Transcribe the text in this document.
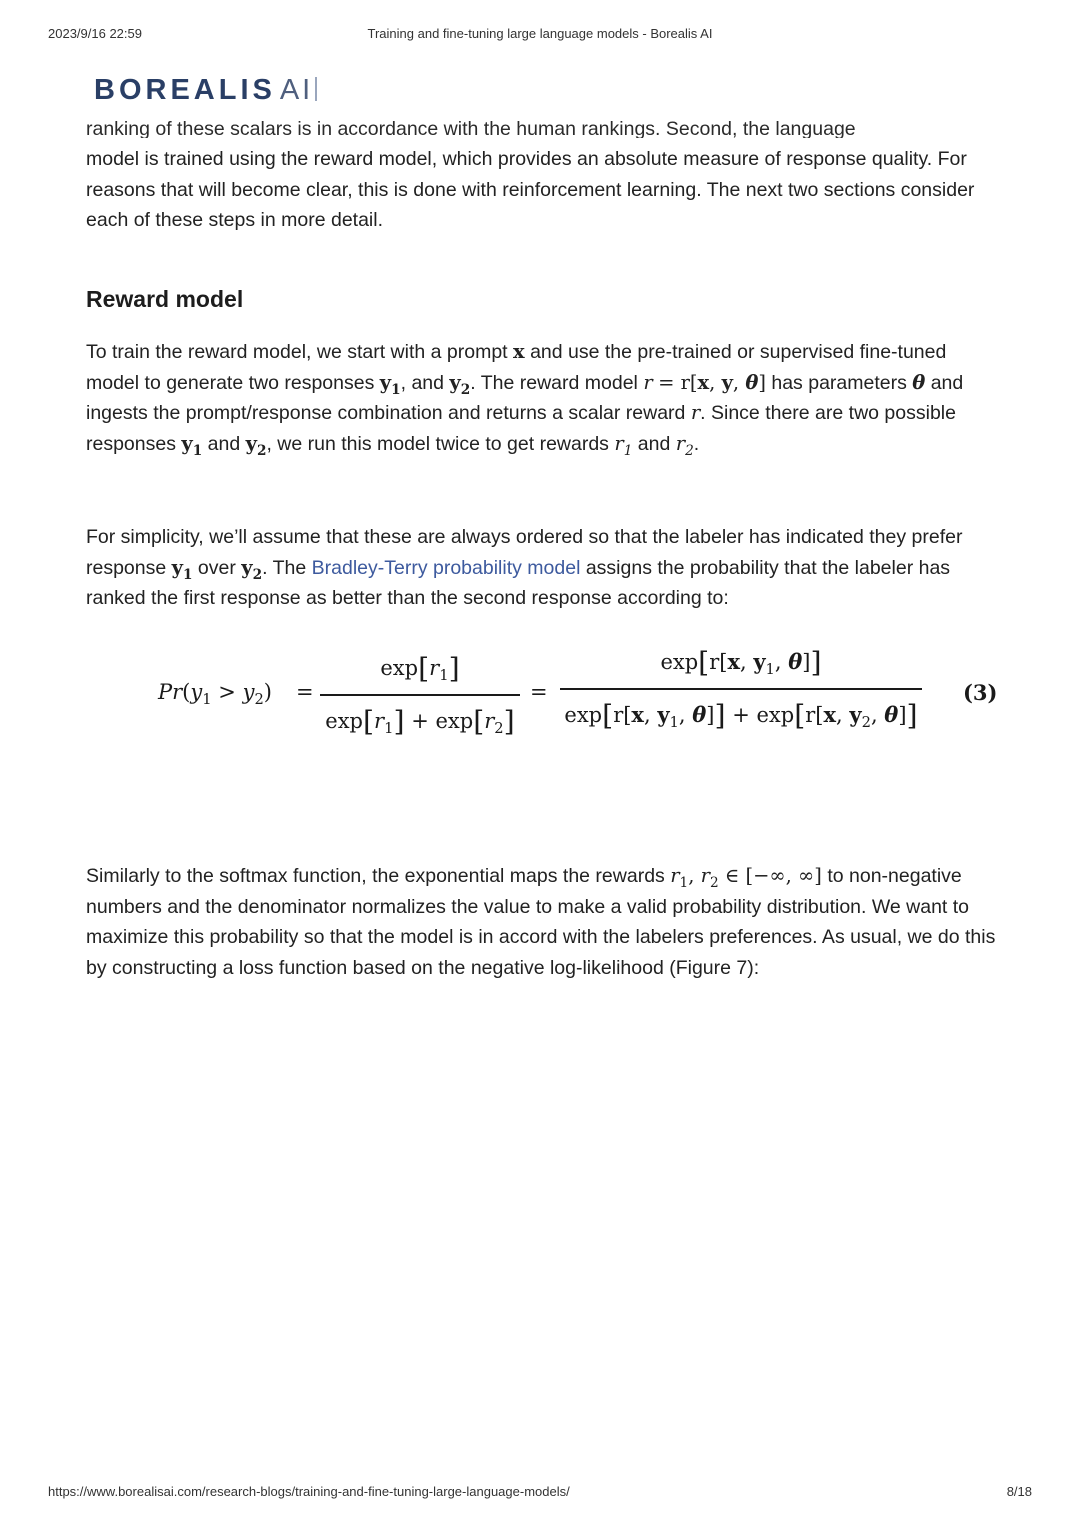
2023/9/16 22:59	Training and fine-tuning large language models - Borealis AI
BOREALIS AI
ranking of these scalars is in accordance with the human rankings. Second, the language

model is trained using the reward model, which provides an absolute measure of response quality. For reasons that will become clear, this is done with reinforcement learning. The next two sections consider each of these steps in more detail.

Reward model

To train the reward model, we start with a prompt x and use the pre-trained or supervised fine-tuned model to generate two responses $y_1$, and $y_2$. The reward model r = r[x, y, θ] has parameters θ and ingests the prompt/response combination and returns a scalar reward r. Since there are two possible responses $y_1$ and $y_2$, we run this model twice to get rewards $r_1$ and $r_2$.

For simplicity, we’ll assume that these are always ordered so that the labeler has indicated they prefer response $y_1$ over $y_2$. The Bradley-Terry probability model assigns the probability that the labeler has ranked the first response as better than the second response according to:

$Pr(y_1 > y_2)$ =
$\exp[r_1]$
$\exp[r_1] + \exp[r_2]$
=
exp[r[x, $y_1$, θ]]
exp[r[x, $y_1$, θ]] + exp[r[x, $y_2$, θ]]
(3)

Similarly to the softmax function, the exponential maps the rewards $r_1$, $r_2$ ∈ [−∞, ∞] to non-negative numbers and the denominator normalizes the value to make a valid probability distribution. We want to maximize this probability so that the model is in accord with the labelers preferences. As usual, we do this by constructing a loss function based on the negative log-likelihood (Figure 7):

https://www.borealisai.com/research-blogs/training-and-fine-tuning-large-language-models/	8/18
